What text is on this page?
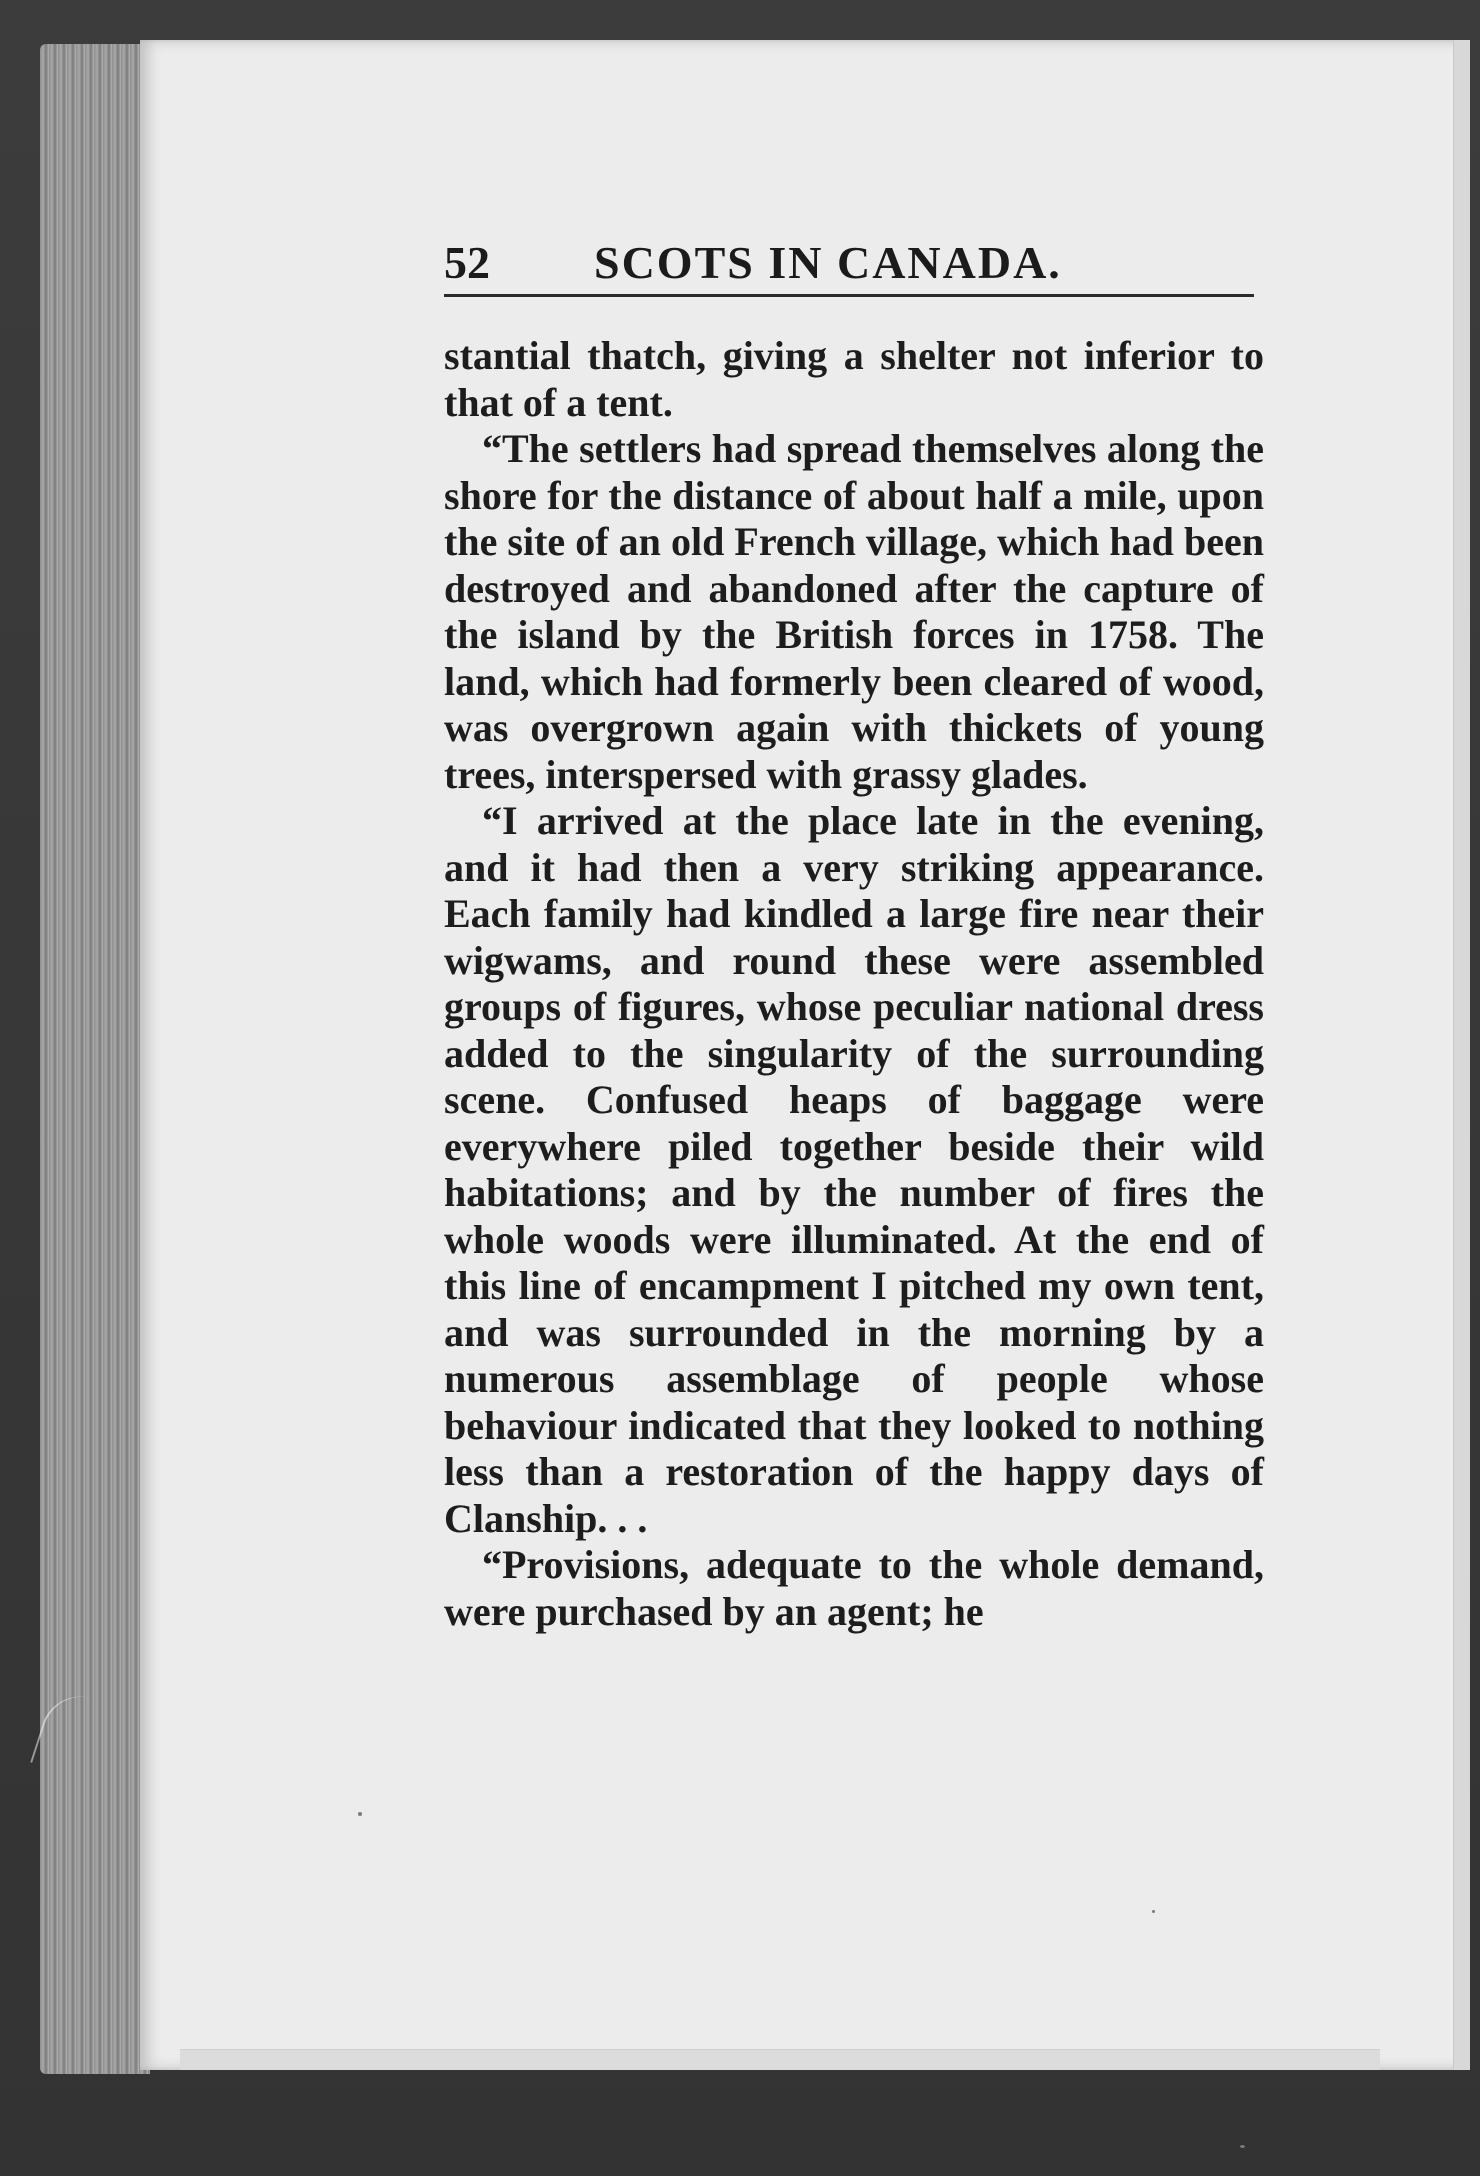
52 SCOTS IN CANADA.

stantial thatch, giving a shelter not inferior to that of a tent.

“The settlers had spread themselves along the shore for the distance of about half a mile, upon the site of an old French village, which had been destroyed and abandoned after the capture of the island by the British forces in 1758. The land, which had formerly been cleared of wood, was overgrown again with thickets of young trees, interspersed with grassy glades.

“I arrived at the place late in the evening, and it had then a very striking appearance. Each family had kindled a large fire near their wigwams, and round these were assembled groups of figures, whose peculiar national dress added to the singularity of the surrounding scene. Confused heaps of baggage were everywhere piled together beside their wild habitations; and by the number of fires the whole woods were illuminated. At the end of this line of encampment I pitched my own tent, and was surrounded in the morning by a numerous assemblage of people whose behaviour indicated that they looked to nothing less than a restoration of the happy days of Clanship. . .

“Provisions, adequate to the whole demand, were purchased by an agent; he
